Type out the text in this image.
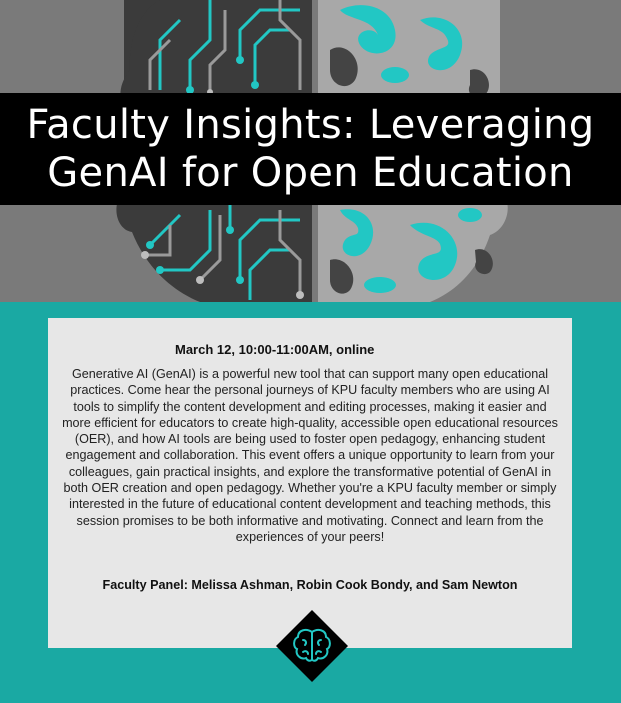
Faculty Insights: Leveraging
GenAI for Open Education
March 12, 10:00-11:00AM, online

Generative AI (GenAI) is a powerful new tool that can support many open educational practices. Come hear the personal journeys of KPU faculty members who are using AI tools to simplify the content development and editing processes, making it easier and more efficient for educators to create high-quality, accessible open educational resources (OER), and how AI tools are being used to foster open pedagogy, enhancing student engagement and collaboration. This event offers a unique opportunity to learn from your colleagues, gain practical insights, and explore the transformative potential of GenAI in both OER creation and open pedagogy. Whether you're a KPU faculty member or simply interested in the future of educational content development and teaching methods, this session promises to be both informative and motivating. Connect and learn from the experiences of your peers!

Faculty Panel: Melissa Ashman, Robin Cook Bondy, and Sam Newton
